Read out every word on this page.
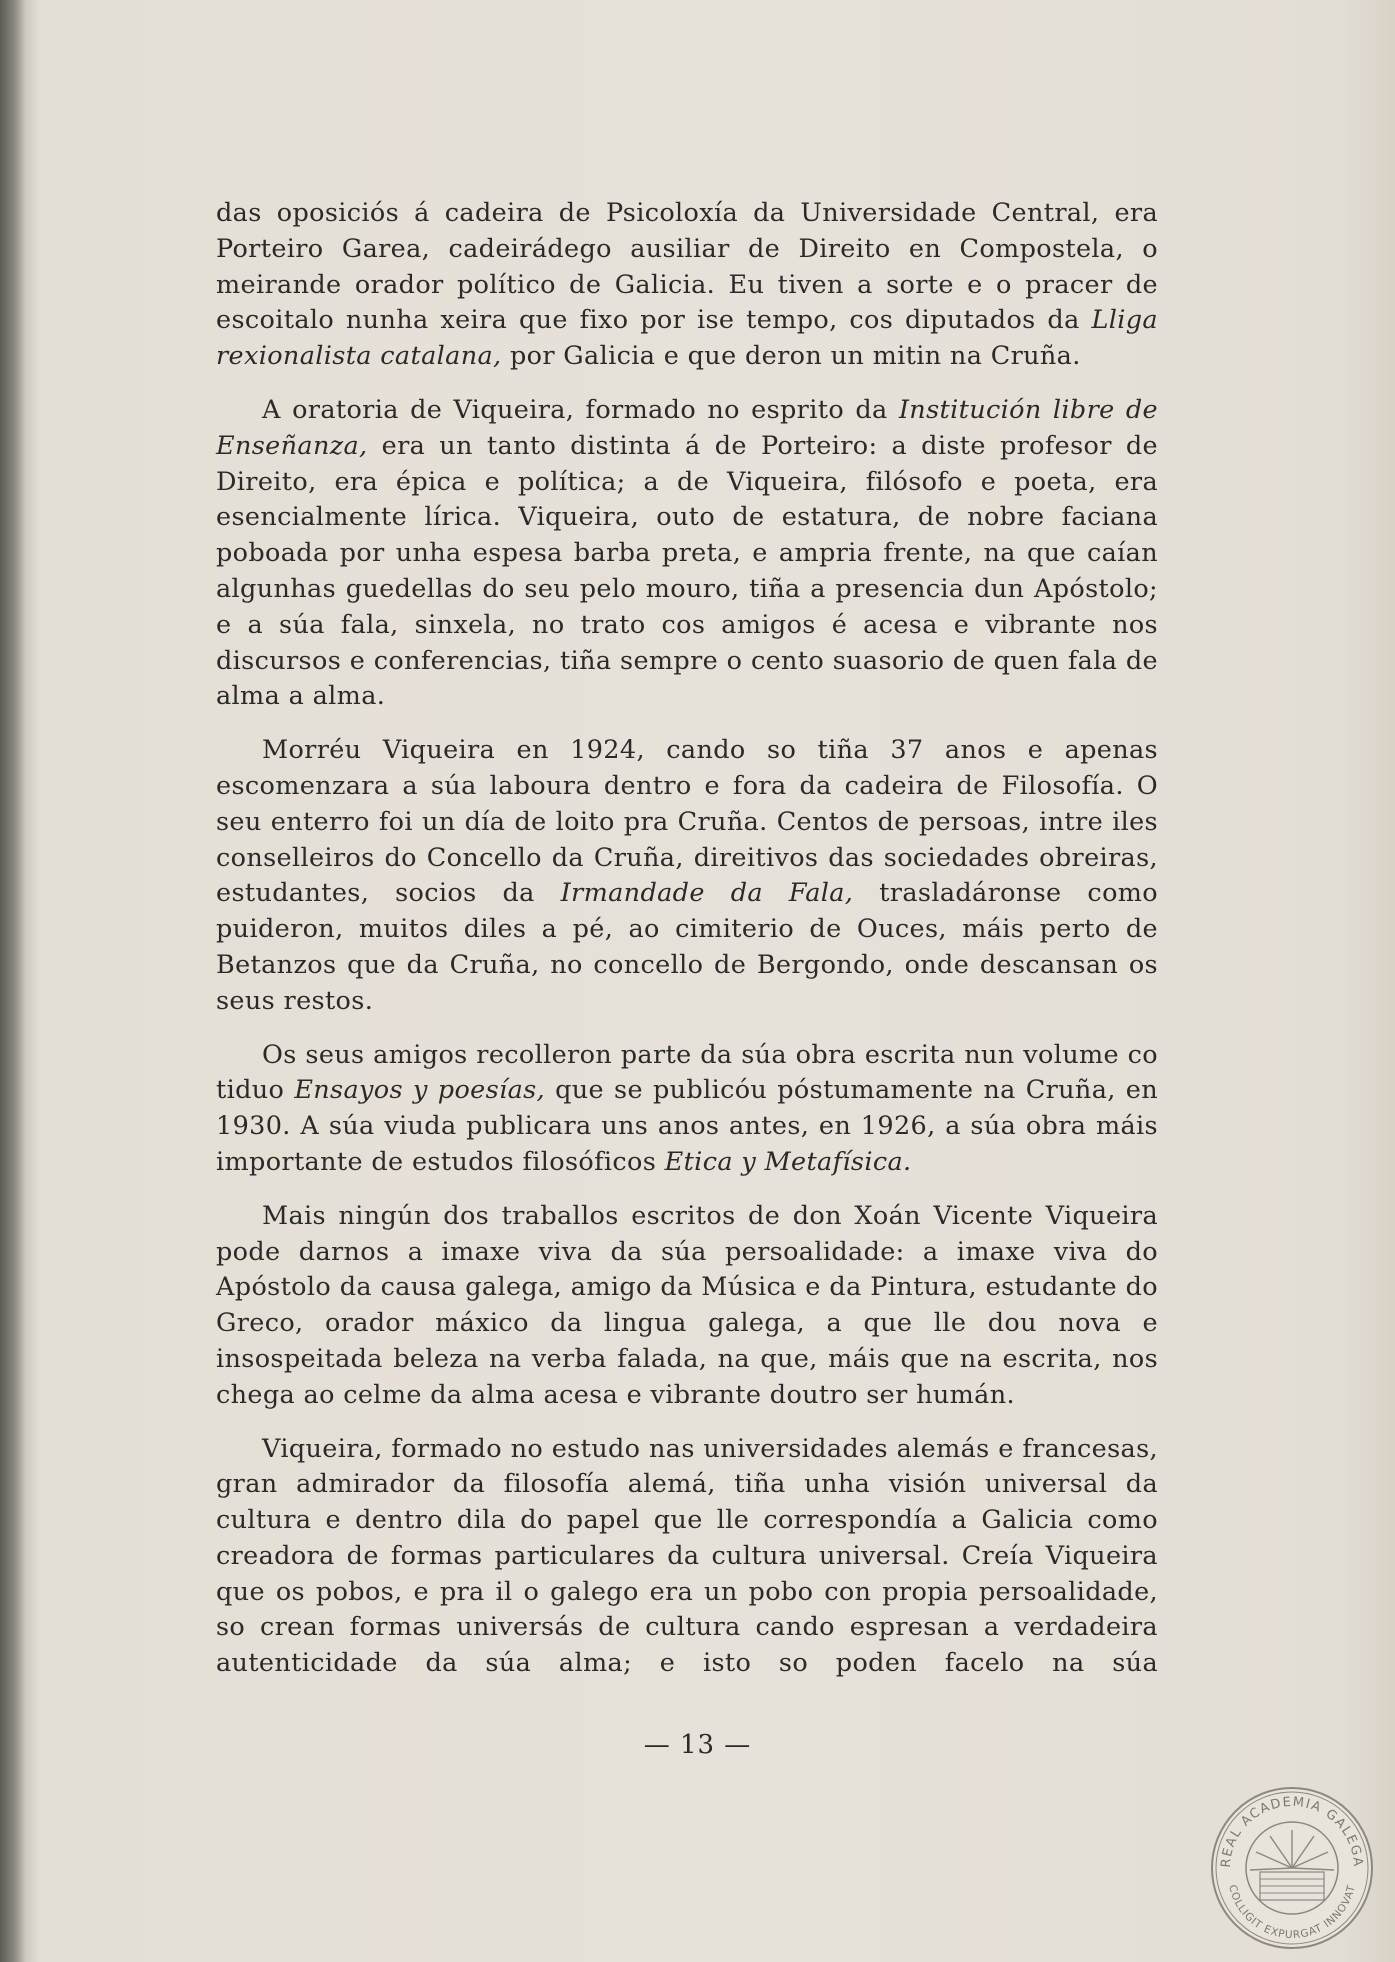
das oposiciós á cadeira de Psicoloxía da Universidade Central, era Porteiro Garea, cadeirádego ausiliar de Direito en Compostela, o meirande orador político de Galicia. Eu tiven a sorte e o pracer de escoitalo nunha xeira que fixo por ise tempo, cos diputados da Lliga rexionalista catalana, por Galicia e que deron un mitin na Cruña.

A oratoria de Viqueira, formado no esprito da Institución libre de Enseñanza, era un tanto distinta á de Porteiro: a diste profesor de Direito, era épica e política; a de Viqueira, filósofo e poeta, era esencialmente lírica. Viqueira, outo de estatura, de nobre faciana poboada por unha espesa barba preta, e ampria frente, na que caían algunhas guedellas do seu pelo mouro, tiña a presencia dun Apóstolo; e a súa fala, sinxela, no trato cos amigos é acesa e vibrante nos discursos e conferencias, tiña sempre o cento suasorio de quen fala de alma a alma.

Morréu Viqueira en 1924, cando so tiña 37 anos e apenas escomenzara a súa laboura dentro e fora da cadeira de Filosofía. O seu enterro foi un día de loito pra Cruña. Centos de persoas, intre iles conselleiros do Concello da Cruña, direitivos das sociedades obreiras, estudantes, socios da Irmandade da Fala, trasladáronse como puideron, muitos diles a pé, ao cimiterio de Ouces, máis perto de Betanzos que da Cruña, no concello de Bergondo, onde descansan os seus restos.

Os seus amigos recolleron parte da súa obra escrita nun volume co tiduo Ensayos y poesías, que se publicóu póstumamente na Cruña, en 1930. A súa viuda publicara uns anos antes, en 1926, a súa obra máis importante de estudos filosóficos Etica y Metafísica.

Mais ningún dos traballos escritos de don Xoán Vicente Viqueira pode darnos a imaxe viva da súa persoalidade: a imaxe viva do Apóstolo da causa galega, amigo da Música e da Pintura, estudante do Greco, orador máxico da lingua galega, a que lle dou nova e insospeitada beleza na verba falada, na que, máis que na escrita, nos chega ao celme da alma acesa e vibrante doutro ser humán.

Viqueira, formado no estudo nas universidades alemás e francesas, gran admirador da filosofía alemá, tiña unha visión universal da cultura e dentro dila do papel que lle correspondía a Galicia como creadora de formas particulares da cultura universal. Creía Viqueira que os pobos, e pra il o galego era un pobo con propia persoalidade, so crean formas universás de cultura cando espresan a verdadeira autenticidade da súa alma; e isto so poden facelo na súa

— 13 —
REAL ACADEMIA GALEGA
COLLIGIT EXPURGAT INNOVAT
